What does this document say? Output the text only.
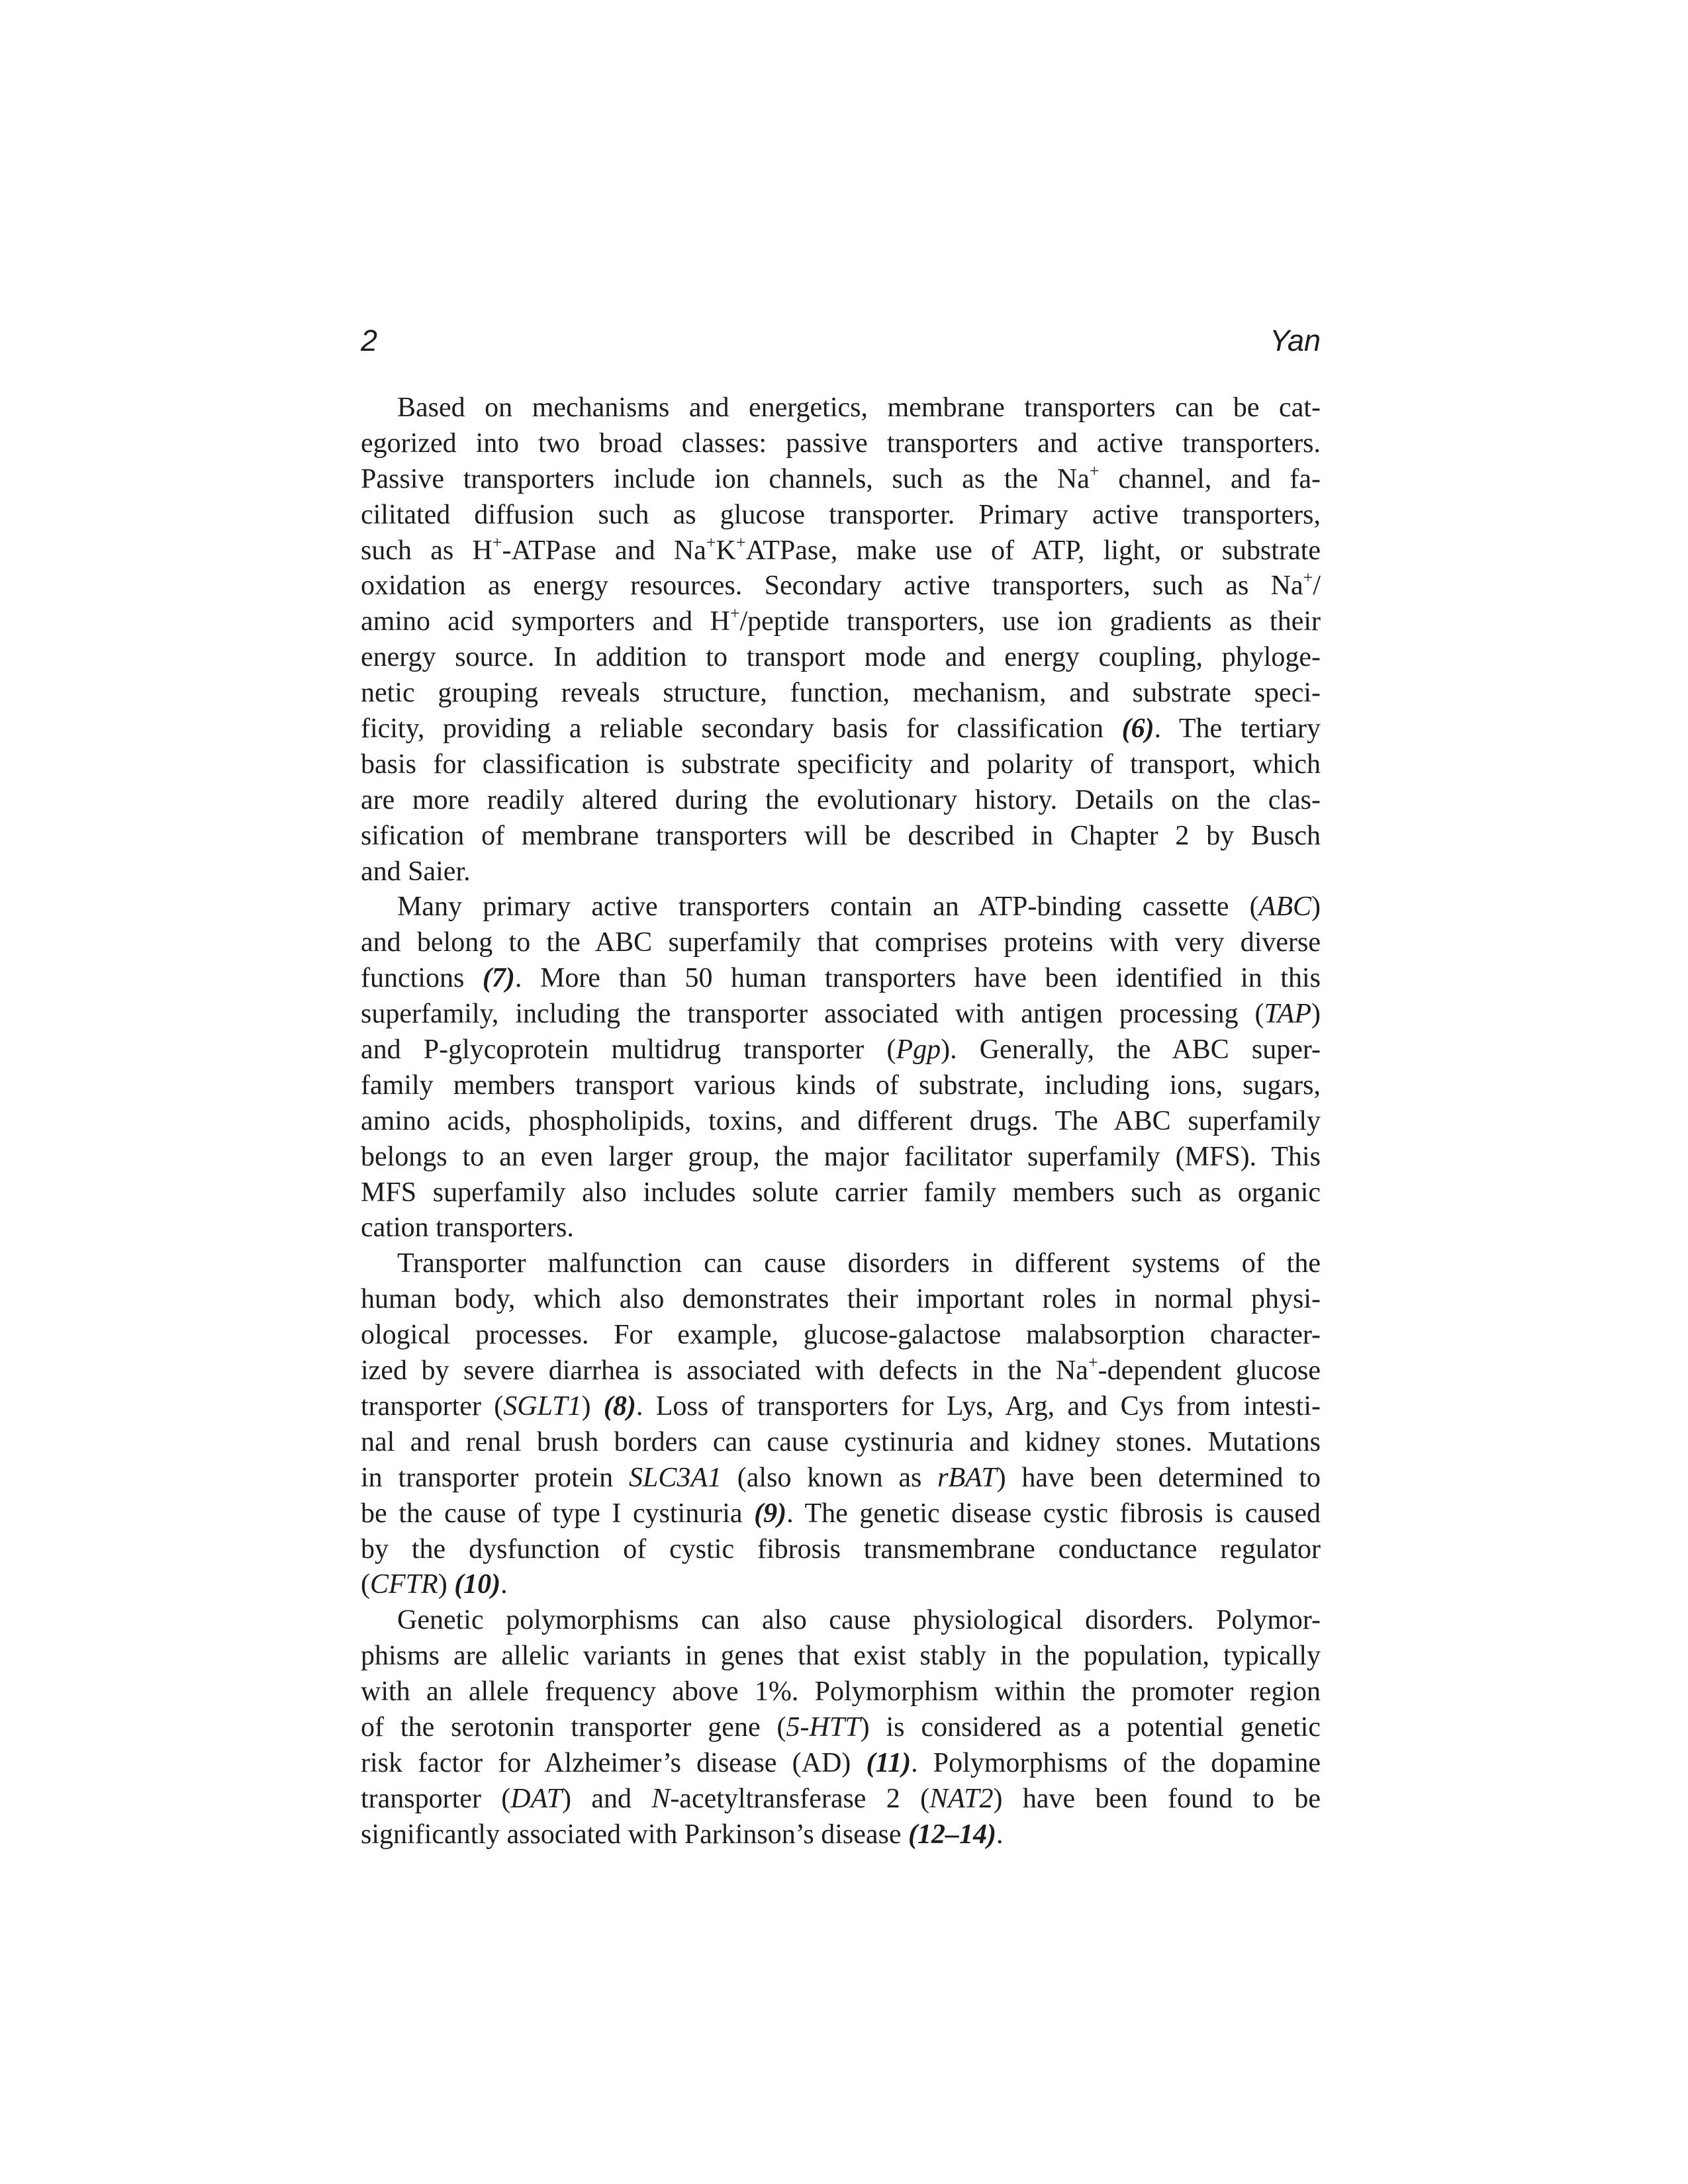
2	Yan
Based on mechanisms and energetics, membrane transporters can be cat-
egorized into two broad classes: passive transporters and active transporters.
Passive transporters include ion channels, such as the Na+ channel, and fa-
cilitated diffusion such as glucose transporter. Primary active transporters,
such as H+-ATPase and Na+K+ATPase, make use of ATP, light, or substrate
oxidation as energy resources. Secondary active transporters, such as Na+/
amino acid symporters and H+/peptide transporters, use ion gradients as their
energy source. In addition to transport mode and energy coupling, phyloge-
netic grouping reveals structure, function, mechanism, and substrate speci-
ficity, providing a reliable secondary basis for classification (6). The tertiary
basis for classification is substrate specificity and polarity of transport, which
are more readily altered during the evolutionary history. Details on the clas-
sification of membrane transporters will be described in Chapter 2 by Busch
and Saier.
Many primary active transporters contain an ATP-binding cassette (ABC)
and belong to the ABC superfamily that comprises proteins with very diverse
functions (7). More than 50 human transporters have been identified in this
superfamily, including the transporter associated with antigen processing (TAP)
and P-glycoprotein multidrug transporter (Pgp). Generally, the ABC super-
family members transport various kinds of substrate, including ions, sugars,
amino acids, phospholipids, toxins, and different drugs. The ABC superfamily
belongs to an even larger group, the major facilitator superfamily (MFS). This
MFS superfamily also includes solute carrier family members such as organic
cation transporters.
Transporter malfunction can cause disorders in different systems of the
human body, which also demonstrates their important roles in normal physi-
ological processes. For example, glucose-galactose malabsorption character-
ized by severe diarrhea is associated with defects in the Na+-dependent glucose
transporter (SGLT1) (8). Loss of transporters for Lys, Arg, and Cys from intesti-
nal and renal brush borders can cause cystinuria and kidney stones. Mutations
in transporter protein SLC3A1 (also known as rBAT) have been determined to
be the cause of type I cystinuria (9). The genetic disease cystic fibrosis is caused
by the dysfunction of cystic fibrosis transmembrane conductance regulator
(CFTR) (10).
Genetic polymorphisms can also cause physiological disorders. Polymor-
phisms are allelic variants in genes that exist stably in the population, typically
with an allele frequency above 1%. Polymorphism within the promoter region
of the serotonin transporter gene (5-HTT) is considered as a potential genetic
risk factor for Alzheimer’s disease (AD) (11). Polymorphisms of the dopamine
transporter (DAT) and N-acetyltransferase 2 (NAT2) have been found to be
significantly associated with Parkinson’s disease (12–14).
